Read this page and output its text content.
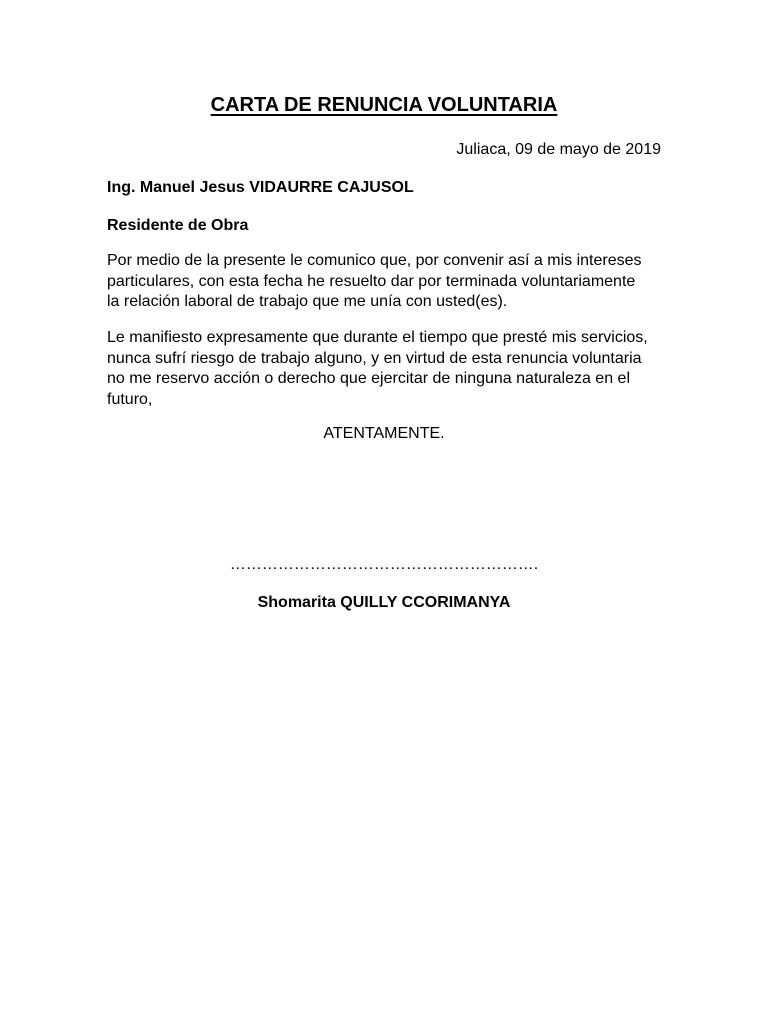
CARTA DE RENUNCIA VOLUNTARIA
Juliaca, 09 de mayo de 2019
Ing. Manuel Jesus VIDAURRE CAJUSOL
Residente de Obra

Por medio de la presente le comunico que, por convenir así a mis intereses
particulares, con esta fecha he resuelto dar por terminada voluntariamente
la relación laboral de trabajo que me unía con usted(es).

Le manifiesto expresamente que durante el tiempo que presté mis servicios,
nunca sufrí riesgo de trabajo alguno, y en virtud de esta renuncia voluntaria
no me reservo acción o derecho que ejercitar de ninguna naturaleza en el
futuro,

ATENTAMENTE.
………………………………………………….
Shomarita QUILLY CCORIMANYA
